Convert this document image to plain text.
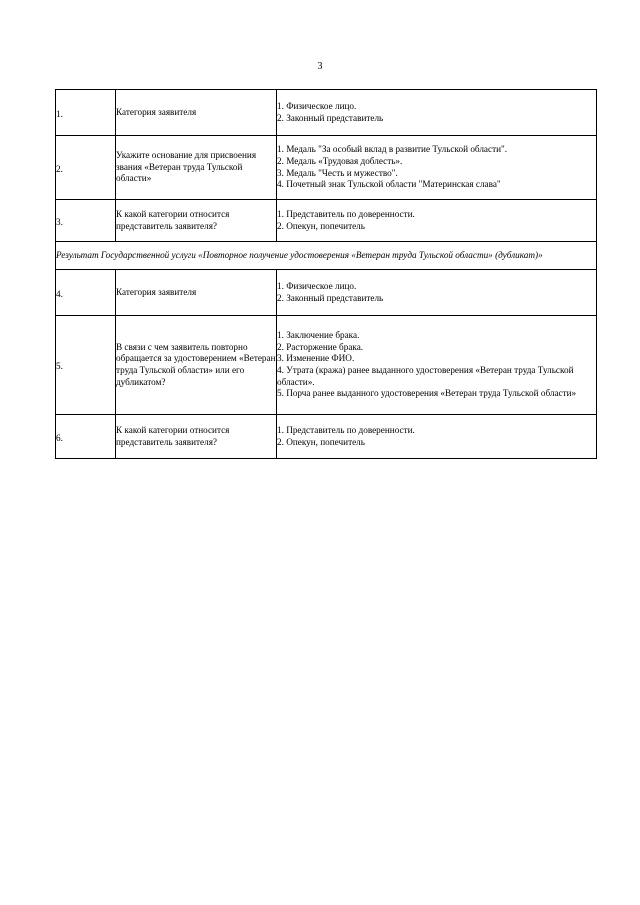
3
1.	Категория заявителя	1. Физическое лицо.
2. Законный представитель

2.	Укажите основание для присвоения звания «Ветеран труда Тульской области»	1. Медаль "За особый вклад в развитие Тульской области".
2. Медаль «Трудовая доблесть».
3. Медаль "Честь и мужество".
4. Почетный знак Тульской области "Материнская слава"

3.	К какой категории относится представитель заявителя?	1. Представитель по доверенности.
2. Опекун, попечитель

Результат Государственной услуги «Повторное получение удостоверения «Ветеран труда Тульской области» (дубликат)»		
4.	Категория заявителя	1. Физическое лицо.
2. Законный представитель

5.	В связи с чем заявитель повторно обращается за удостоверением «Ветеран труда Тульской области» или его дубликатом?	1. Заключение брака.
2. Расторжение брака.
3. Изменение ФИО.
4. Утрата (кража) ранее выданного удостоверения «Ветеран труда Тульской области».
5. Порча ранее выданного удостоверения «Ветеран труда Тульской области»

6.	К какой категории относится представитель заявителя?	1. Представитель по доверенности.
2. Опекун, попечитель
